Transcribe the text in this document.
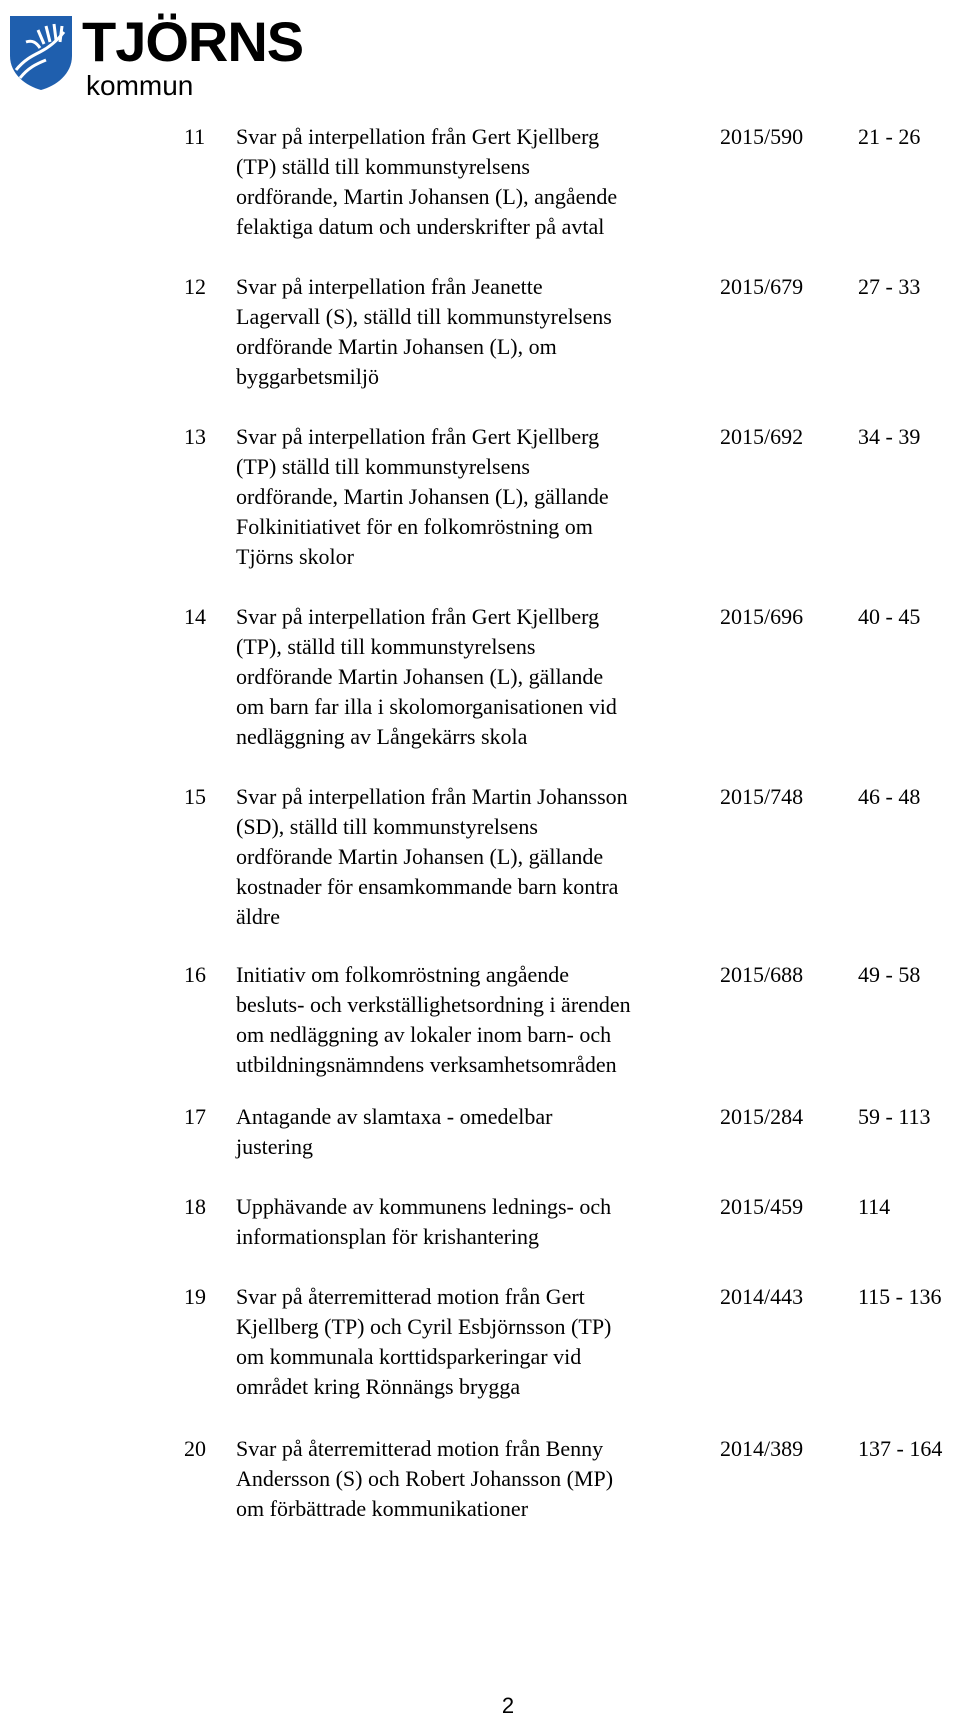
TJÖRNS
kommun
11 Svar på interpellation från Gert Kjellberg
(TP) ställd till kommunstyrelsens
ordförande, Martin Johansen (L), angående
felaktiga datum och underskrifter på avtal
2015/590 21 - 26
12 Svar på interpellation från Jeanette
Lagervall (S), ställd till kommunstyrelsens
ordförande Martin Johansen (L), om
byggarbetsmiljö
2015/679 27 - 33
13 Svar på interpellation från Gert Kjellberg
(TP) ställd till kommunstyrelsens
ordförande, Martin Johansen (L), gällande
Folkinitiativet för en folkomröstning om
Tjörns skolor
2015/692 34 - 39
14 Svar på interpellation från Gert Kjellberg
(TP), ställd till kommunstyrelsens
ordförande Martin Johansen (L), gällande
om barn far illa i skolomorganisationen vid
nedläggning av Långekärrs skola
2015/696 40 - 45
15 Svar på interpellation från Martin Johansson
(SD), ställd till kommunstyrelsens
ordförande Martin Johansen (L), gällande
kostnader för ensamkommande barn kontra
äldre
2015/748 46 - 48
16 Initiativ om folkomröstning angående
besluts- och verkställighetsordning i ärenden
om nedläggning av lokaler inom barn- och
utbildningsnämndens verksamhetsområden
2015/688 49 - 58
17 Antagande av slamtaxa - omedelbar
justering
2015/284 59 - 113
18 Upphävande av kommunens lednings- och
informationsplan för krishantering
2015/459 114
19 Svar på återremitterad motion från Gert
Kjellberg (TP) och Cyril Esbjörnsson (TP)
om kommunala korttidsparkeringar vid
området kring Rönnängs brygga
2014/443 115 - 136
20 Svar på återremitterad motion från Benny
Andersson (S) och Robert Johansson (MP)
om förbättrade kommunikationer
2014/389 137 - 164
2
